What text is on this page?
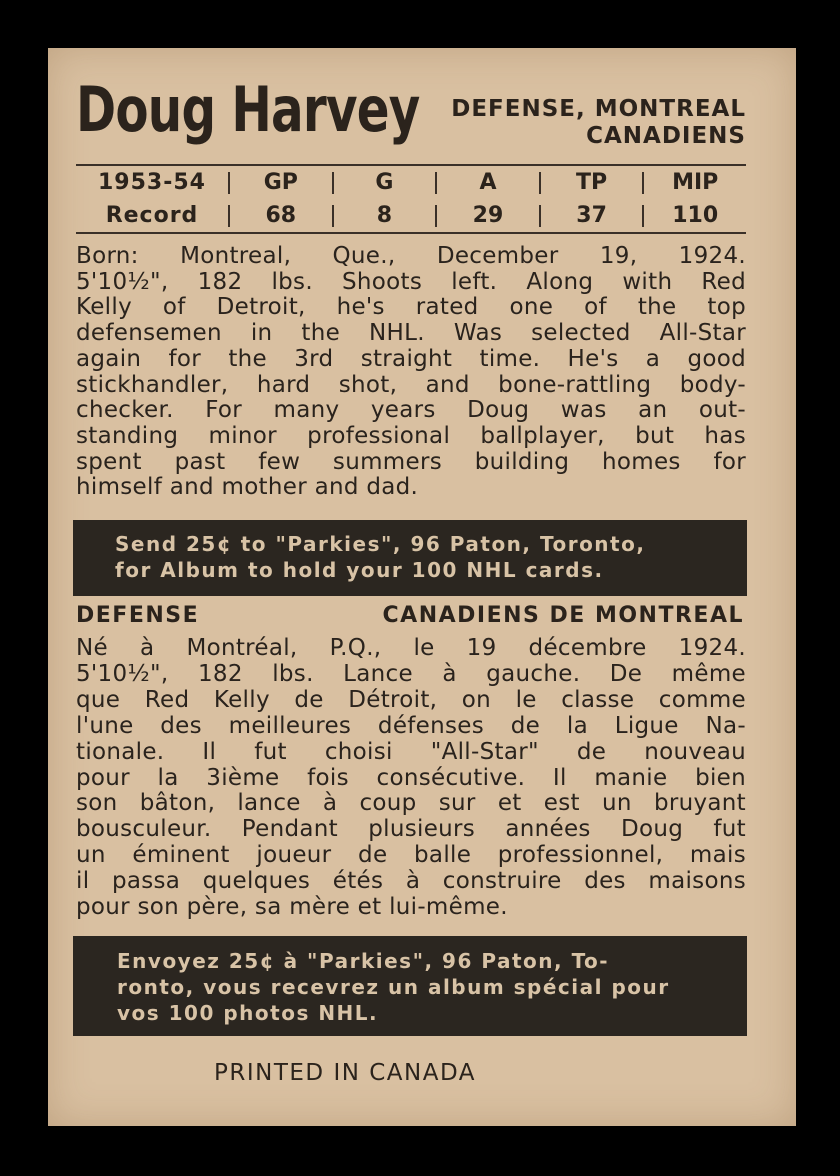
Doug Harvey DEFENSE, MONTREAL
CANADIENS
1953-54	GP	G	A	TP	MIP
Record	68	8	29	37	110
Born: Montreal, Que., December 19, 1924.
5'10½", 182 lbs. Shoots left. Along with Red
Kelly of Detroit, he's rated one of the top
defensemen in the NHL. Was selected All-Star
again for the 3rd straight time. He's a good
stickhandler, hard shot, and bone-rattling body-
checker. For many years Doug was an out-
standing minor professional ballplayer, but has
spent past few summers building homes for
himself and mother and dad.
Send 25¢ to "Parkies", 96 Paton, Toronto,
for Album to hold your 100 NHL cards.
DEFENSE	CANADIENS DE MONTREAL
Né à Montréal, P.Q., le 19 décembre 1924.
5'10½", 182 lbs. Lance à gauche. De même
que Red Kelly de Détroit, on le classe comme
l'une des meilleures défenses de la Ligue Na-
tionale. Il fut choisi "All-Star" de nouveau
pour la 3ième fois consécutive. Il manie bien
son bâton, lance à coup sur et est un bruyant
bousculeur. Pendant plusieurs années Doug fut
un éminent joueur de balle professionnel, mais
il passa quelques étés à construire des maisons
pour son père, sa mère et lui-même.
Envoyez 25¢ à "Parkies", 96 Paton, To-
ronto, vous recevrez un album spécial pour
vos 100 photos NHL.
PRINTED IN CANADA
